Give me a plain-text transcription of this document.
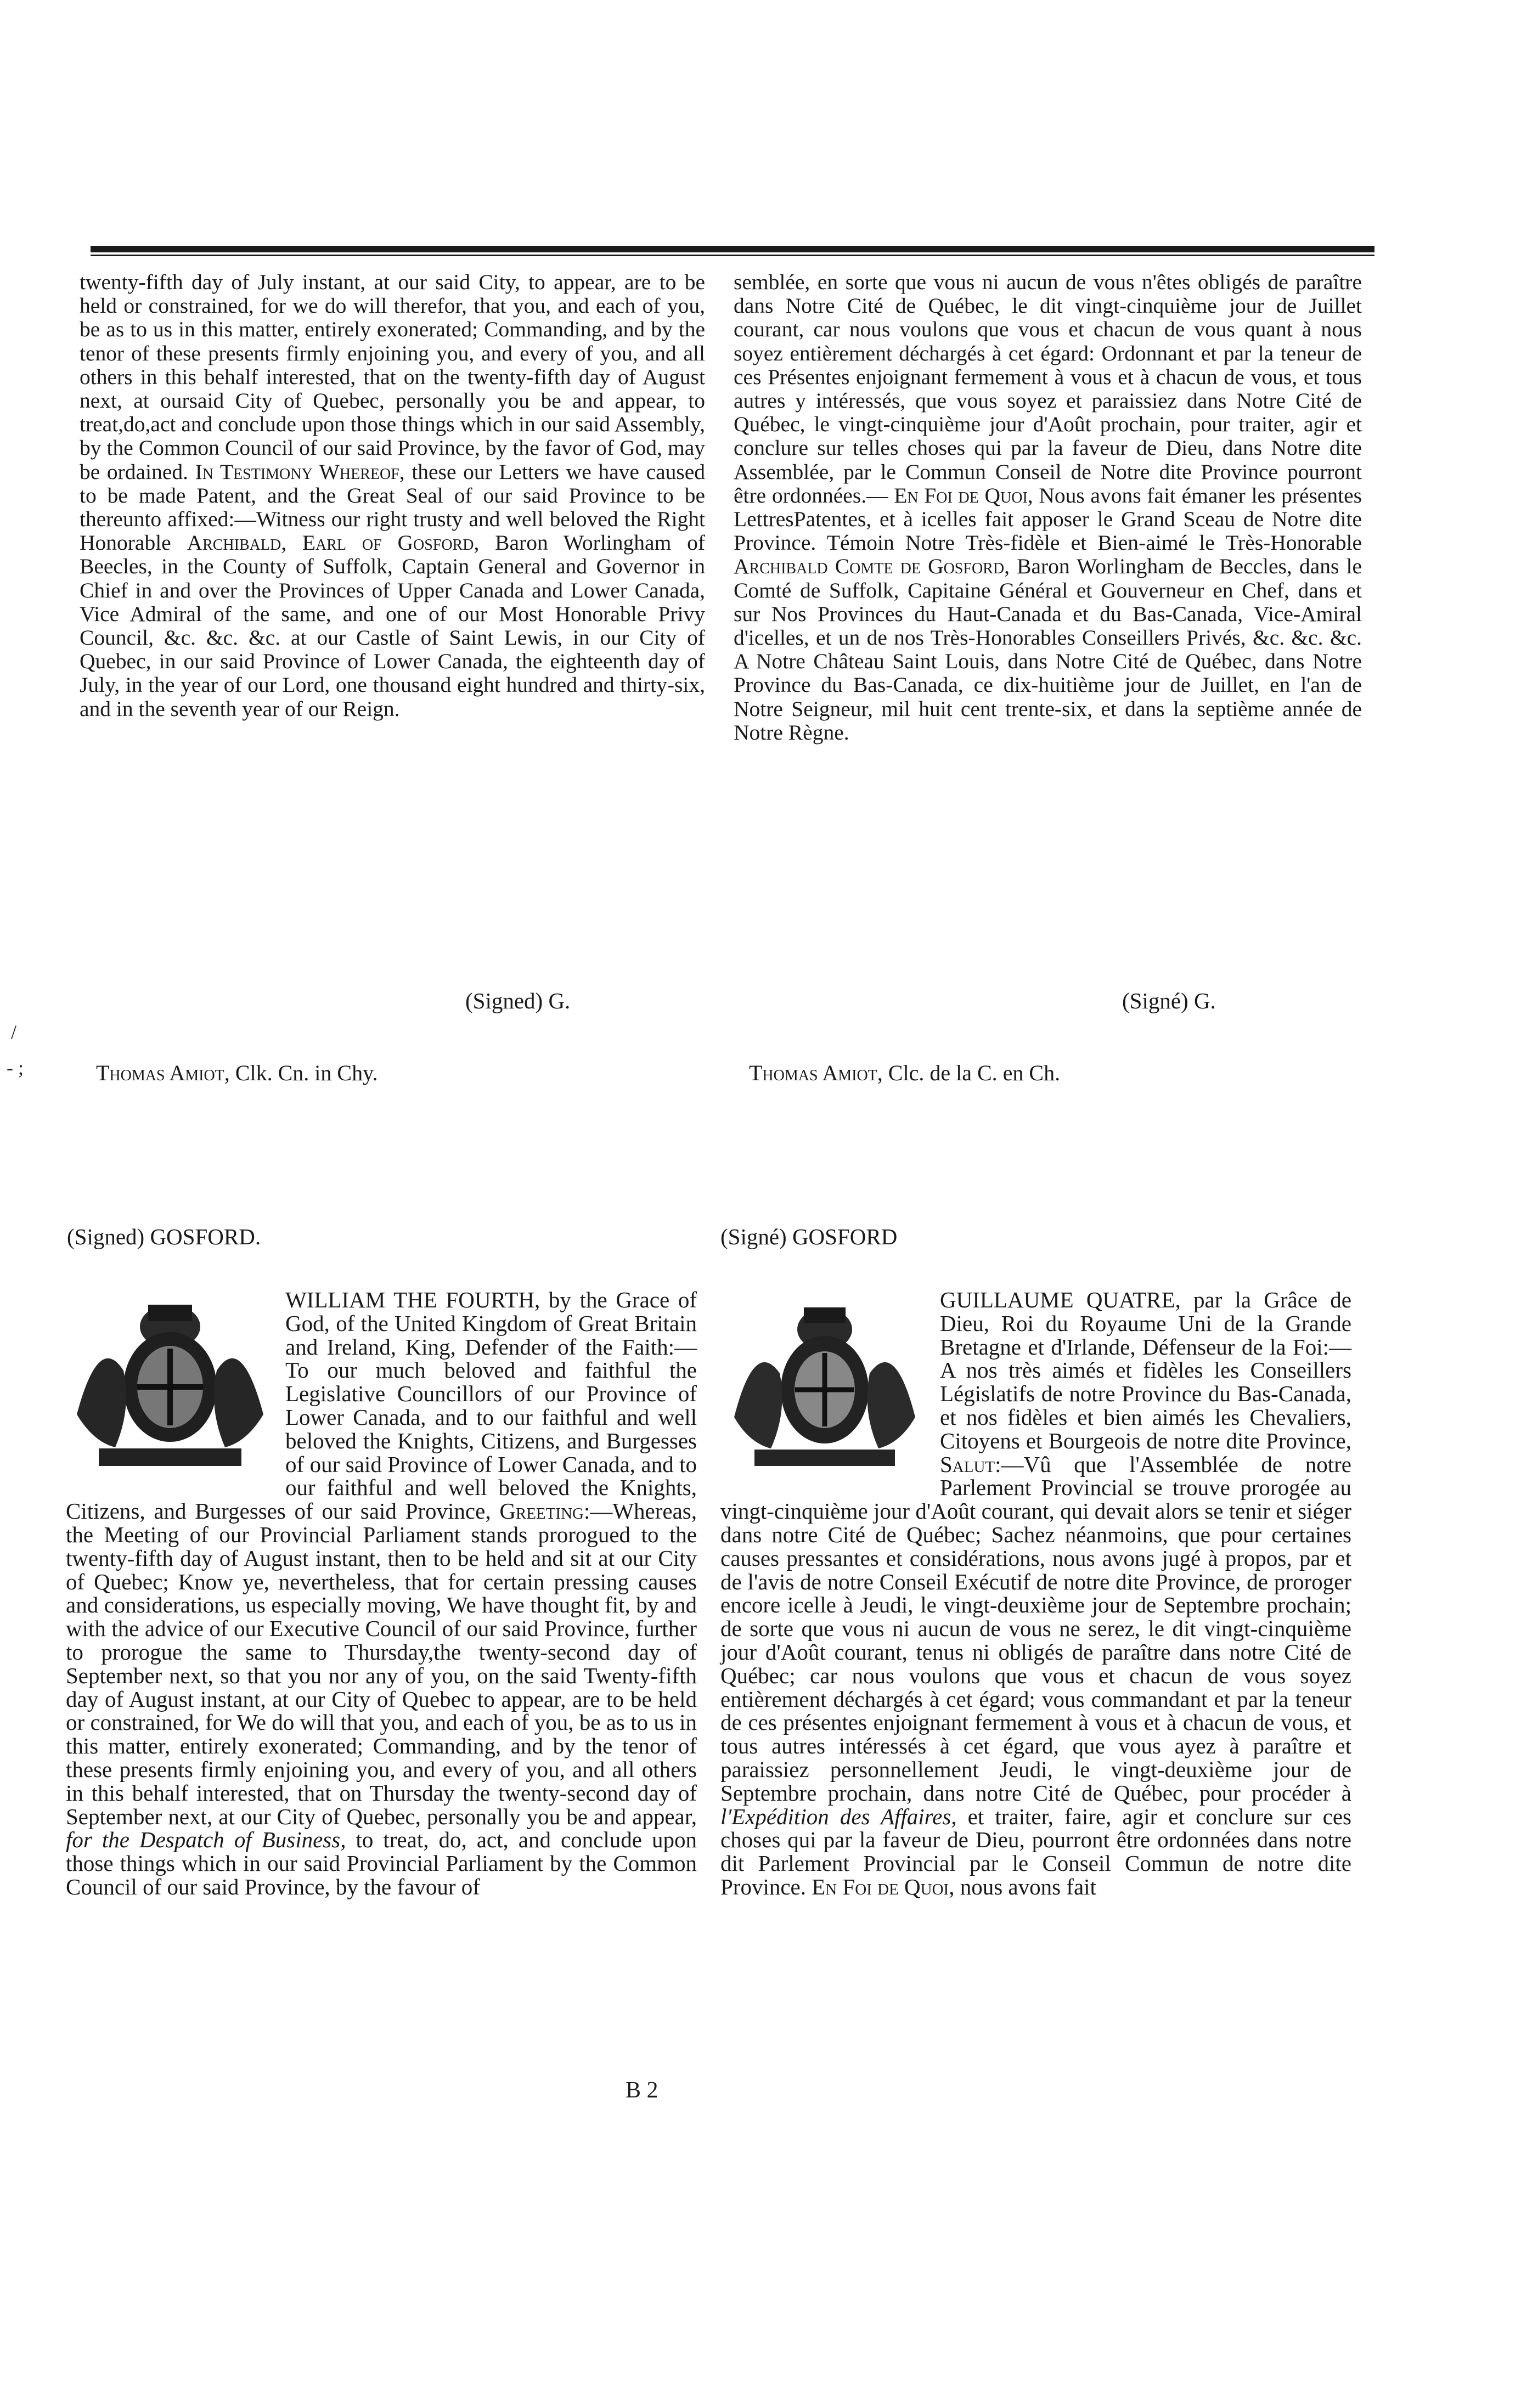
twenty-fifth day of July instant, at our said City, to appear, are to be held or constrained, for we do will therefor, that you, and each of you, be as to us in this matter, entirely exonerated; Commanding, and by the tenor of these presents firmly enjoining you, and every of you, and all others in this behalf interested, that on the twenty-fifth day of August next, at oursaid City of Quebec, personally you be and appear, to treat,do,act and conclude upon those things which in our said Assembly, by the Common Council of our said Province, by the favor of God, may be ordained. In Testimony Whereof, these our Letters we have caused to be made Patent, and the Great Seal of our said Province to be thereunto affixed:—Witness our right trusty and well beloved the Right Honorable Archibald, Earl of Gosford, Baron Worlingham of Beecles, in the County of Suffolk, Captain General and Governor in Chief in and over the Provinces of Upper Canada and Lower Canada, Vice Admiral of the same, and one of our Most Honorable Privy Council, &c. &c. &c. at our Castle of Saint Lewis, in our City of Quebec, in our said Province of Lower Canada, the eighteenth day of July, in the year of our Lord, one thousand eight hundred and thirty-six, and in the seventh year of our Reign.

semblée, en sorte que vous ni aucun de vous n'êtes obligés de paraître dans Notre Cité de Québec, le dit vingt-cinquième jour de Juillet courant, car nous voulons que vous et chacun de vous quant à nous soyez entièrement déchargés à cet égard: Ordonnant et par la teneur de ces Présentes enjoignant fermement à vous et à chacun de vous, et tous autres y intéressés, que vous soyez et paraissiez dans Notre Cité de Québec, le vingt-cinquième jour d'Août prochain, pour traiter, agir et conclure sur telles choses qui par la faveur de Dieu, dans Notre dite Assemblée, par le Commun Conseil de Notre dite Province pourront être ordonnées.— En Foi de Quoi, Nous avons fait émaner les présentes LettresPatentes, et à icelles fait apposer le Grand Sceau de Notre dite Province. Témoin Notre Très-fidèle et Bien-aimé le Très-Honorable Archibald Comte de Gosford, Baron Worlingham de Beccles, dans le Comté de Suffolk, Capitaine Général et Gouverneur en Chef, dans et sur Nos Provinces du Haut-Canada et du Bas-Canada, Vice-Amiral d'icelles, et un de nos Très-Honorables Conseillers Privés, &c. &c. &c. A Notre Château Saint Louis, dans Notre Cité de Québec, dans Notre Province du Bas-Canada, ce dix-huitième jour de Juillet, en l'an de Notre Seigneur, mil huit cent trente-six, et dans la septième année de Notre Règne.

(Signed) G.	(Signé) G.
/
- ;	Thomas Amiot, Clk. Cn. in Chy.	Thomas Amiot, Clc. de la C. en Ch.
(Signed) GOSFORD.	(Signé) GOSFORD

WILLIAM THE FOURTH, by the Grace of God, of the United Kingdom of Great Britain and Ireland, King, Defender of the Faith:—To our much beloved and faithful the Legislative Councillors of our Province of Lower Canada, and to our faithful and well beloved the Knights, Citizens, and Burgesses of our said Province of Lower Canada, and to our faithful and well beloved the Knights, Citizens, and Burgesses of our said Province, Greeting:—Whereas, the Meeting of our Provincial Parliament stands prorogued to the twenty-fifth day of August instant, then to be held and sit at our City of Quebec; Know ye, nevertheless, that for certain pressing causes and considerations, us especially moving, We have thought fit, by and with the advice of our Executive Council of our said Province, further to prorogue the same to Thursday,the twenty-second day of September next, so that you nor any of you, on the said Twenty-fifth day of August instant, at our City of Quebec to appear, are to be held or constrained, for We do will that you, and each of you, be as to us in this matter, entirely exonerated; Commanding, and by the tenor of these presents firmly enjoining you, and every of you, and all others in this behalf interested, that on Thursday the twenty-second day of September next, at our City of Quebec, personally you be and appear, for the Despatch of Business, to treat, do, act, and conclude upon those things which in our said Provincial Parliament by the Common Council of our said Province, by the favour of

GUILLAUME QUATRE, par la Grâce de Dieu, Roi du Royaume Uni de la Grande Bretagne et d'Irlande, Défenseur de la Foi:—A nos très aimés et fidèles les Conseillers Législatifs de notre Province du Bas-Canada, et nos fidèles et bien aimés les Chevaliers, Citoyens et Bourgeois de notre dite Province, Salut:—Vû que l'Assemblée de notre Parlement Provincial se trouve prorogée au vingt-cinquième jour d'Août courant, qui devait alors se tenir et siéger dans notre Cité de Québec; Sachez néanmoins, que pour certaines causes pressantes et considérations, nous avons jugé à propos, par et de l'avis de notre Conseil Exécutif de notre dite Province, de proroger encore icelle à Jeudi, le vingt-deuxième jour de Septembre prochain; de sorte que vous ni aucun de vous ne serez, le dit vingt-cinquième jour d'Août courant, tenus ni obligés de paraître dans notre Cité de Québec; car nous voulons que vous et chacun de vous soyez entièrement déchargés à cet égard; vous commandant et par la teneur de ces présentes enjoignant fermement à vous et à chacun de vous, et tous autres intéressés à cet égard, que vous ayez à paraître et paraissiez personnellement Jeudi, le vingt-deuxième jour de Septembre prochain, dans notre Cité de Québec, pour procéder à l'Expédition des Affaires, et traiter, faire, agir et conclure sur ces choses qui par la faveur de Dieu, pourront être ordonnées dans notre dit Parlement Provincial par le Conseil Commun de notre dite Province. En Foi de Quoi, nous avons fait

B 2
